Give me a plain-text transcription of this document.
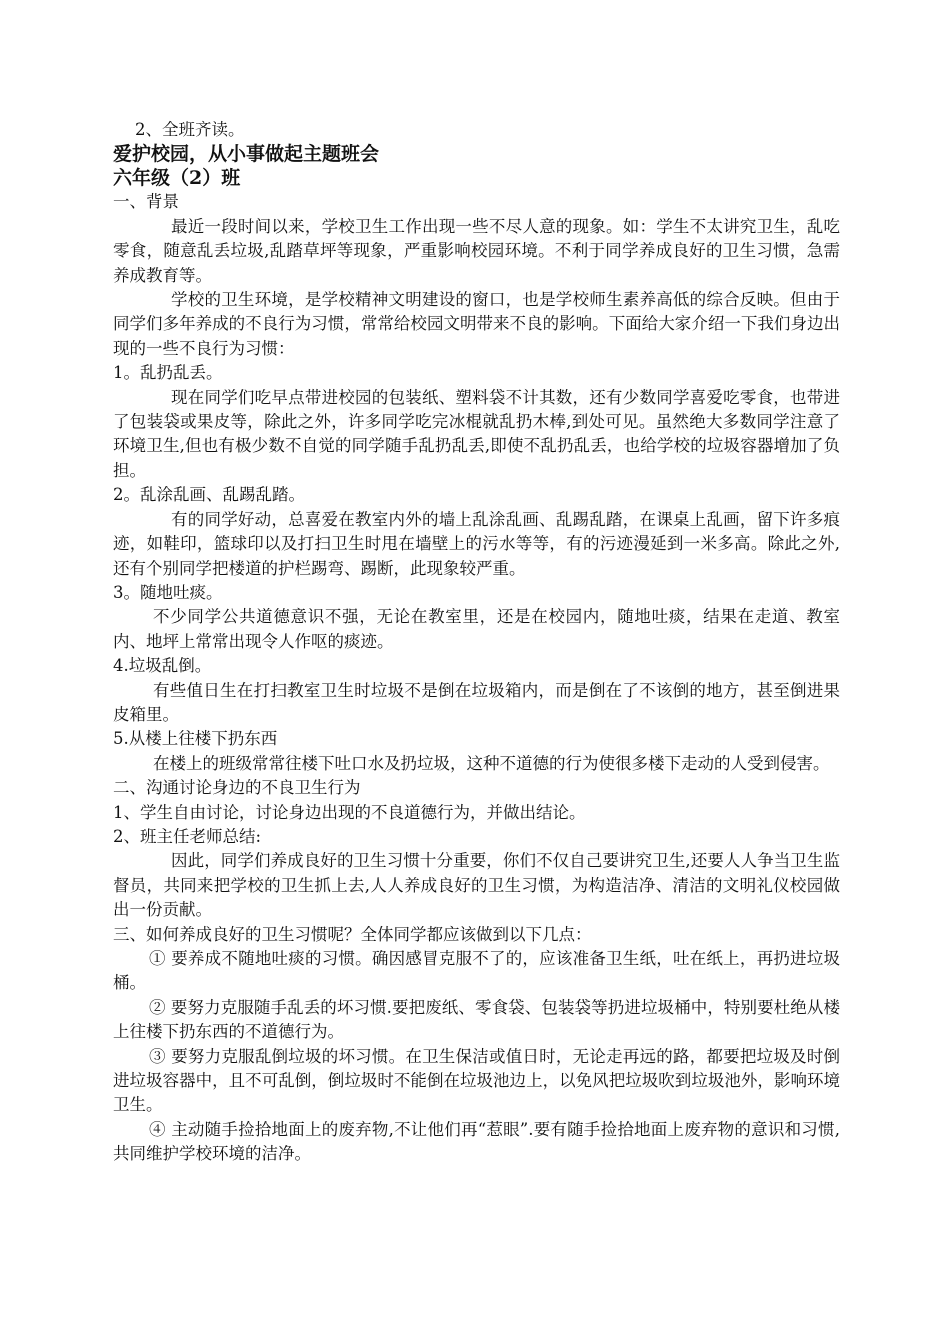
2、全班齐读。

爱护校园，从小事做起主题班会

六年级（2）班

一、背景

最近一段时间以来，学校卫生工作出现一些不尽人意的现象。如：学生不太讲究卫生，乱吃零食，随意乱丢垃圾,乱踏草坪等现象，严重影响校园环境。不利于同学养成良好的卫生习惯，急需养成教育等。

学校的卫生环境，是学校精神文明建设的窗口，也是学校师生素养高低的综合反映。但由于同学们多年养成的不良行为习惯，常常给校园文明带来不良的影响。下面给大家介绍一下我们身边出现的一些不良行为习惯：

1。乱扔乱丢。

现在同学们吃早点带进校园的包装纸、塑料袋不计其数，还有少数同学喜爱吃零食，也带进了包装袋或果皮等，除此之外，许多同学吃完冰棍就乱扔木棒,到处可见。虽然绝大多数同学注意了环境卫生,但也有极少数不自觉的同学随手乱扔乱丢,即使不乱扔乱丢，也给学校的垃圾容器增加了负担。

2。乱涂乱画、乱踢乱踏。

有的同学好动，总喜爱在教室内外的墙上乱涂乱画、乱踢乱踏，在课桌上乱画，留下许多痕迹，如鞋印，篮球印以及打扫卫生时甩在墙壁上的污水等等，有的污迹漫延到一米多高。除此之外,还有个别同学把楼道的护栏踢弯、踢断，此现象较严重。

3。随地吐痰。

不少同学公共道德意识不强，无论在教室里，还是在校园内，随地吐痰，结果在走道、教室内、地坪上常常出现令人作呕的痰迹。

4.垃圾乱倒。

有些值日生在打扫教室卫生时垃圾不是倒在垃圾箱内，而是倒在了不该倒的地方，甚至倒进果皮箱里。

5.从楼上往楼下扔东西

在楼上的班级常常往楼下吐口水及扔垃圾，这种不道德的行为使很多楼下走动的人受到侵害。

二、沟通讨论身边的不良卫生行为

1、学生自由讨论，讨论身边出现的不良道德行为，并做出结论。

2、班主任老师总结:

因此，同学们养成良好的卫生习惯十分重要，你们不仅自己要讲究卫生,还要人人争当卫生监督员，共同来把学校的卫生抓上去,人人养成良好的卫生习惯，为构造洁净、清洁的文明礼仪校园做出一份贡献。

三、如何养成良好的卫生习惯呢？全体同学都应该做到以下几点：

① 要养成不随地吐痰的习惯。确因感冒克服不了的，应该准备卫生纸，吐在纸上，再扔进垃圾桶。

② 要努力克服随手乱丢的坏习惯.要把废纸、零食袋、包装袋等扔进垃圾桶中，特别要杜绝从楼上往楼下扔东西的不道德行为。

③ 要努力克服乱倒垃圾的坏习惯。在卫生保洁或值日时，无论走再远的路，都要把垃圾及时倒进垃圾容器中，且不可乱倒，倒垃圾时不能倒在垃圾池边上，以免风把垃圾吹到垃圾池外，影响环境卫生。

④ 主动随手捡拾地面上的废弃物,不让他们再“惹眼”.要有随手捡拾地面上废弃物的意识和习惯,共同维护学校环境的洁净。
